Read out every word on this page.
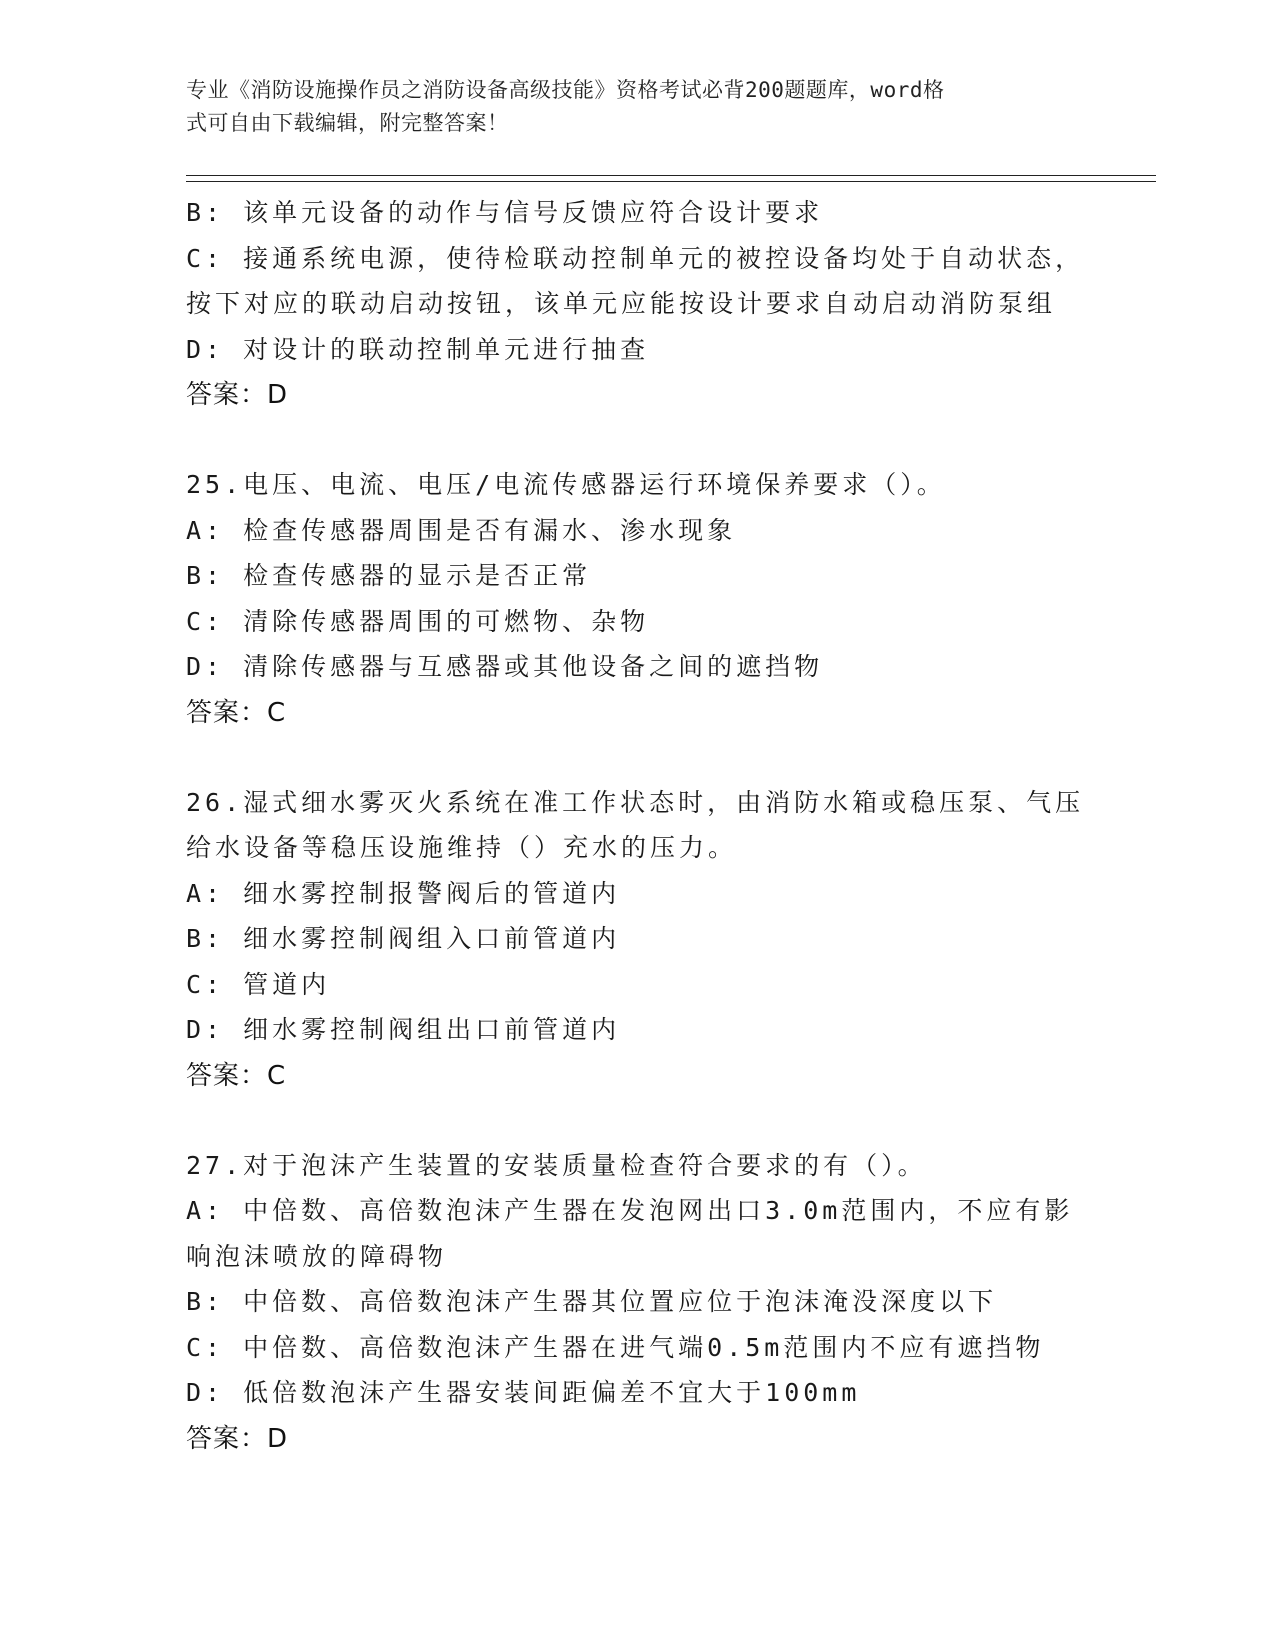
专业《消防设施操作员之消防设备高级技能》资格考试必背200题题库，word格
式可自由下载编辑，附完整答案！
B: 该单元设备的动作与信号反馈应符合设计要求
C: 接通系统电源，使待检联动控制单元的被控设备均处于自动状态，
按下对应的联动启动按钮，该单元应能按设计要求自动启动消防泵组
D: 对设计的联动控制单元进行抽查
答案：D
25.电压、电流、电压/电流传感器运行环境保养要求（）。
A: 检查传感器周围是否有漏水、渗水现象
B: 检查传感器的显示是否正常
C: 清除传感器周围的可燃物、杂物
D: 清除传感器与互感器或其他设备之间的遮挡物
答案：C
26.湿式细水雾灭火系统在准工作状态时，由消防水箱或稳压泵、气压
给水设备等稳压设施维持（）充水的压力。
A: 细水雾控制报警阀后的管道内
B: 细水雾控制阀组入口前管道内
C: 管道内
D: 细水雾控制阀组出口前管道内
答案：C
27.对于泡沫产生装置的安装质量检查符合要求的有（）。
A: 中倍数、高倍数泡沫产生器在发泡网出口3.0m范围内，不应有影
响泡沫喷放的障碍物
B: 中倍数、高倍数泡沫产生器其位置应位于泡沫淹没深度以下
C: 中倍数、高倍数泡沫产生器在进气端0.5m范围内不应有遮挡物
D: 低倍数泡沫产生器安装间距偏差不宜大于100mm
答案：D
